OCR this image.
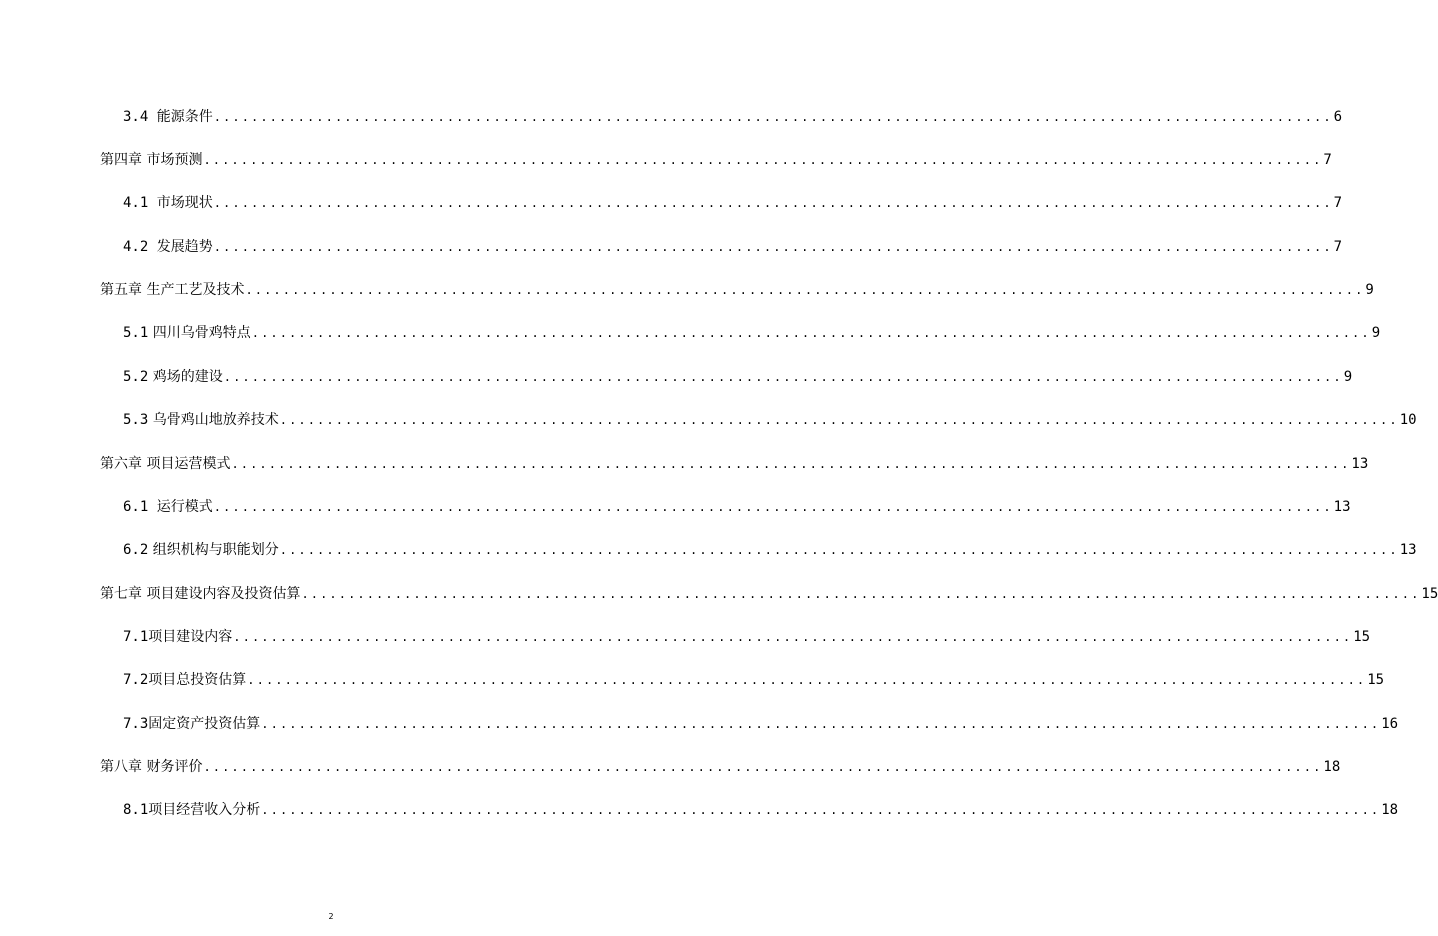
3.4 能源条件 ........................................................................................................................ 6
第四章 市场预测 ........................................................................................................................ 7
4.1 市场现状 ........................................................................................................................ 7
4.2 发展趋势 ........................................................................................................................ 7
第五章 生产工艺及技术 ........................................................................................................................ 9
5.1 四川乌骨鸡特点 ........................................................................................................................ 9
5.2 鸡场的建设 ........................................................................................................................ 9
5.3 乌骨鸡山地放养技术 ........................................................................................................................ 10
第六章 项目运营模式 ........................................................................................................................ 13
6.1 运行模式 ........................................................................................................................ 13
6.2 组织机构与职能划分 ........................................................................................................................ 13
第七章 项目建设内容及投资估算 ........................................................................................................................ 15
7.1项目建设内容 ........................................................................................................................ 15
7.2项目总投资估算 ........................................................................................................................ 15
7.3固定资产投资估算 ........................................................................................................................ 16
第八章 财务评价 ........................................................................................................................ 18
8.1项目经营收入分析 ........................................................................................................................ 18
2
